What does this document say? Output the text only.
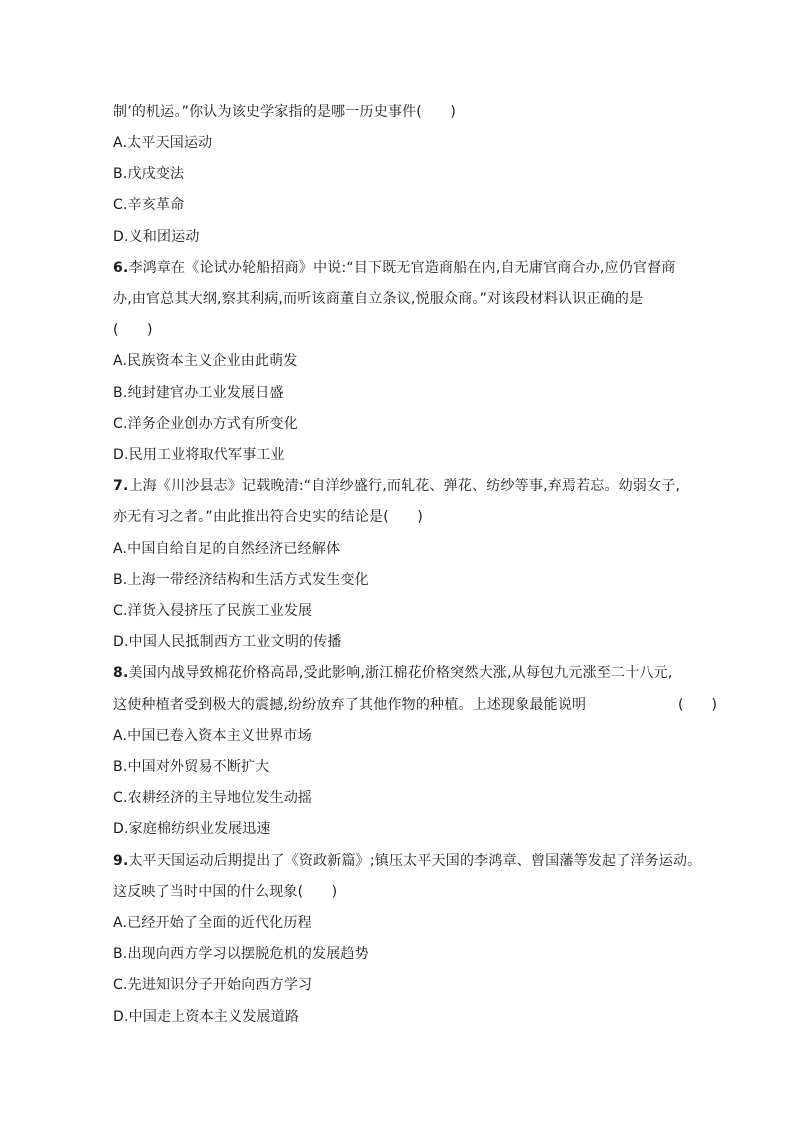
制’的机运。”你认为该史学家指的是哪一历史事件(　　)
A.太平天国运动
B.戊戌变法
C.辛亥革命
D.义和团运动
6.李鸿章在《论试办轮船招商》中说:“目下既无官造商船在内,自无庸官商合办,应仍官督商
办,由官总其大纲,察其利病,而听该商董自立条议,悦服众商。”对该段材料认识正确的是
(　　)
A.民族资本主义企业由此萌发
B.纯封建官办工业发展日盛
C.洋务企业创办方式有所变化
D.民用工业将取代军事工业
7.上海《川沙县志》记载晚清:“自洋纱盛行,而轧花、弹花、纺纱等事,弃焉若忘。幼弱女子,
亦无有习之者。”由此推出符合史实的结论是(　　)
A.中国自给自足的自然经济已经解体
B.上海一带经济结构和生活方式发生变化
C.洋货入侵挤压了民族工业发展
D.中国人民抵制西方工业文明的传播
8.美国内战导致棉花价格高昂,受此影响,浙江棉花价格突然大涨,从每包九元涨至二十八元,
这使种植者受到极大的震撼,纷纷放弃了其他作物的种植。上述现象最能说明	(　　)
A.中国已卷入资本主义世界市场
B.中国对外贸易不断扩大
C.农耕经济的主导地位发生动摇
D.家庭棉纺织业发展迅速
9.太平天国运动后期提出了《资政新篇》;镇压太平天国的李鸿章、曾国藩等发起了洋务运动。
这反映了当时中国的什么现象(　　)
A.已经开始了全面的近代化历程
B.出现向西方学习以摆脱危机的发展趋势
C.先进知识分子开始向西方学习
D.中国走上资本主义发展道路
